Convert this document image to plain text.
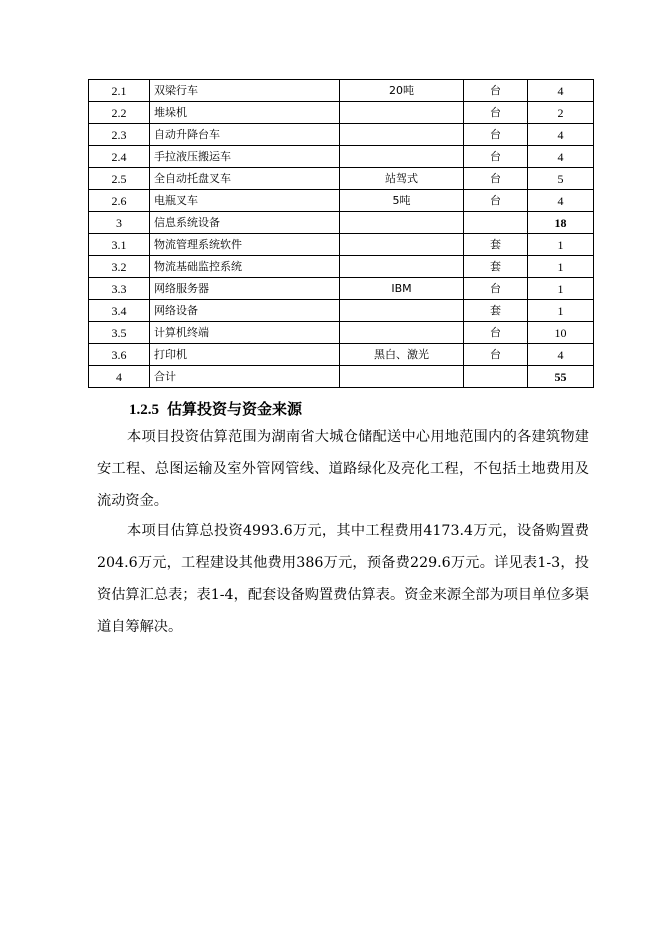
2.1	双梁行车	20吨	台	4
2.2	堆垛机		台	2
2.3	自动升降台车		台	4
2.4	手拉液压搬运车		台	4
2.5	全自动托盘叉车	站驾式	台	5
2.6	电瓶叉车	5吨	台	4
3	信息系统设备			18
3.1	物流管理系统软件		套	1
3.2	物流基础监控系统		套	1
3.3	网络服务器	IBM	台	1
3.4	网络设备		套	1
3.5	计算机终端		台	10
3.6	打印机	黑白、激光	台	4
4	合计			55
1.2.5 估算投资与资金来源

本项目投资估算范围为湖南省大城仓储配送中心用地范围内的各建筑物建安工程、总图运输及室外管网管线、道路绿化及亮化工程，不包括土地费用及流动资金。

本项目估算总投资4993.6万元，其中工程费用4173.4万元，设备购置费204.6万元，工程建设其他费用386万元，预备费229.6万元。详见表1-3，投资估算汇总表；表1-4，配套设备购置费估算表。资金来源全部为项目单位多渠道自筹解决。
